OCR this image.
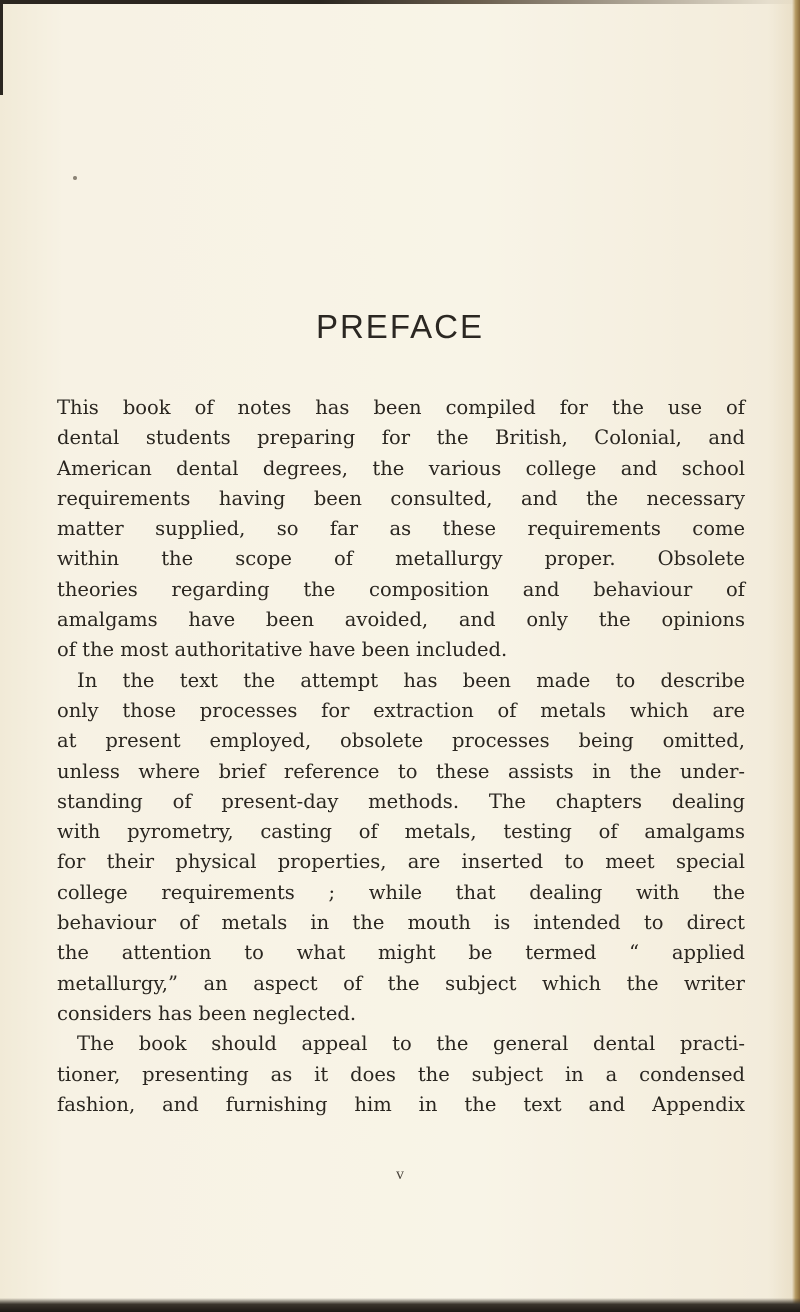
PREFACE
This book of notes has been compiled for the use of
dental students preparing for the British, Colonial, and
American dental degrees, the various college and school
requirements having been consulted, and the necessary
matter supplied, so far as these requirements come
within the scope of metallurgy proper. Obsolete
theories regarding the composition and behaviour of
amalgams have been avoided, and only the opinions
of the most authoritative have been included.
In the text the attempt has been made to describe
only those processes for extraction of metals which are
at present employed, obsolete processes being omitted,
unless where brief reference to these assists in the under-
standing of present-day methods. The chapters dealing
with pyrometry, casting of metals, testing of amalgams
for their physical properties, are inserted to meet special
college requirements ; while that dealing with the
behaviour of metals in the mouth is intended to direct
the attention to what might be termed “ applied
metallurgy,” an aspect of the subject which the writer
considers has been neglected.
The book should appeal to the general dental practi-
tioner, presenting as it does the subject in a condensed
fashion, and furnishing him in the text and Appendix
v
